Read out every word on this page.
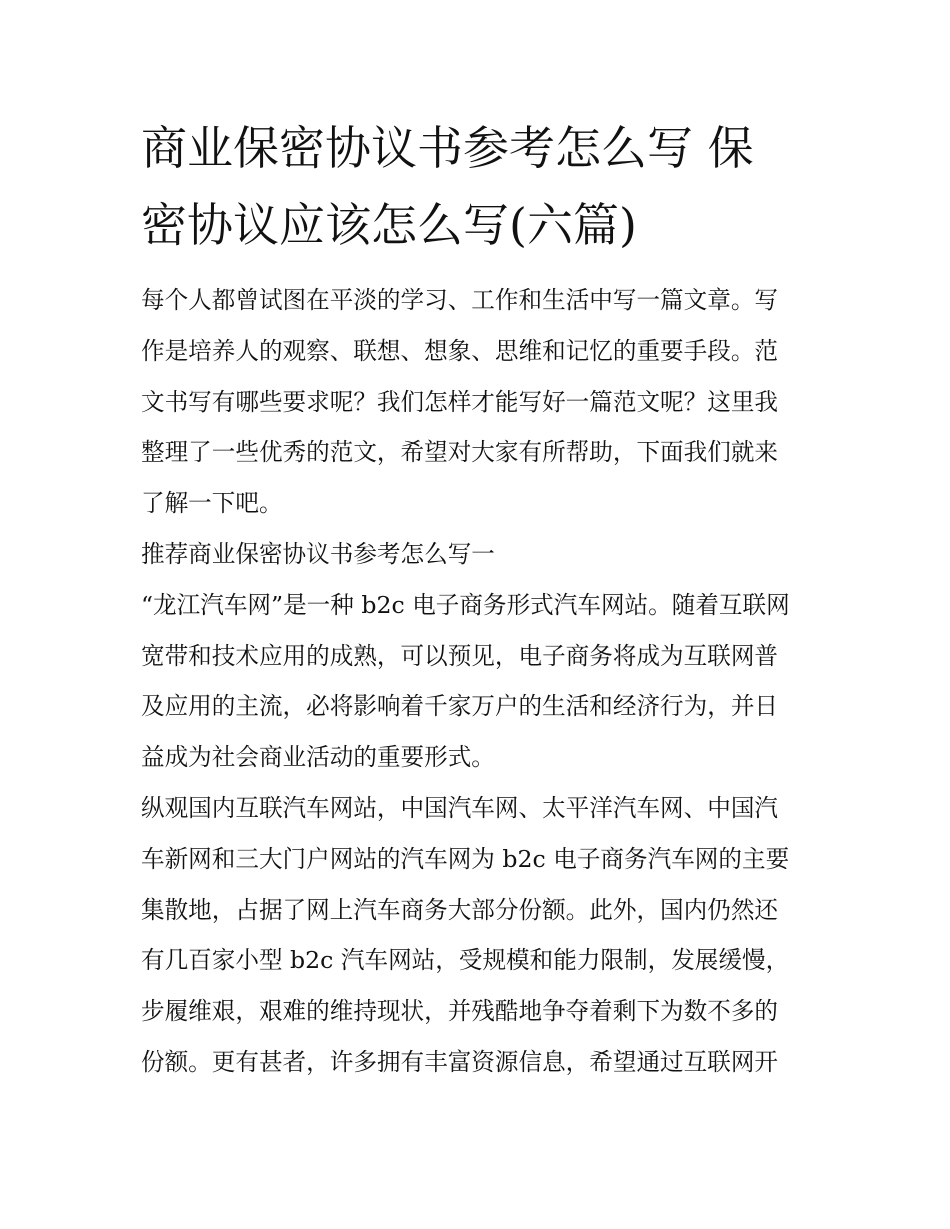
商业保密协议书参考怎么写 保
密协议应该怎么写(六篇)
每个人都曾试图在平淡的学习、工作和生活中写一篇文章。写
作是培养人的观察、联想、想象、思维和记忆的重要手段。范
文书写有哪些要求呢？我们怎样才能写好一篇范文呢？这里我
整理了一些优秀的范文，希望对大家有所帮助，下面我们就来
了解一下吧。
推荐商业保密协议书参考怎么写一
“龙江汽车网”是一种 b2c 电子商务形式汽车网站。随着互联网
宽带和技术应用的成熟，可以预见，电子商务将成为互联网普
及应用的主流，必将影响着千家万户的生活和经济行为，并日
益成为社会商业活动的重要形式。
纵观国内互联汽车网站，中国汽车网、太平洋汽车网、中国汽
车新网和三大门户网站的汽车网为 b2c 电子商务汽车网的主要
集散地，占据了网上汽车商务大部分份额。此外，国内仍然还
有几百家小型 b2c 汽车网站，受规模和能力限制，发展缓慢，
步履维艰，艰难的维持现状，并残酷地争夺着剩下为数不多的
份额。更有甚者，许多拥有丰富资源信息，希望通过互联网开
